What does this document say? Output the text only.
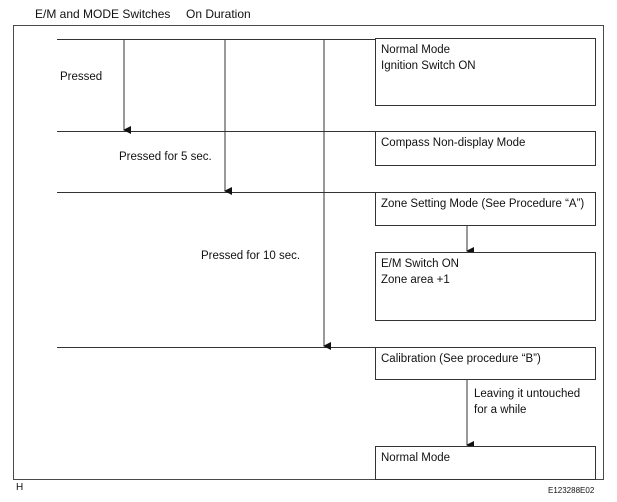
E/M and MODE Switches On Duration
Pressed
Pressed for 5 sec.
Pressed for 10 sec.
Normal Mode
Ignition Switch ON
Compass Non-display Mode
Zone Setting Mode (See Procedure “A”)
E/M Switch ON
Zone area +1
Calibration (See procedure “B”)
Normal Mode
Leaving it untouched
for a while
H	E123288E02
